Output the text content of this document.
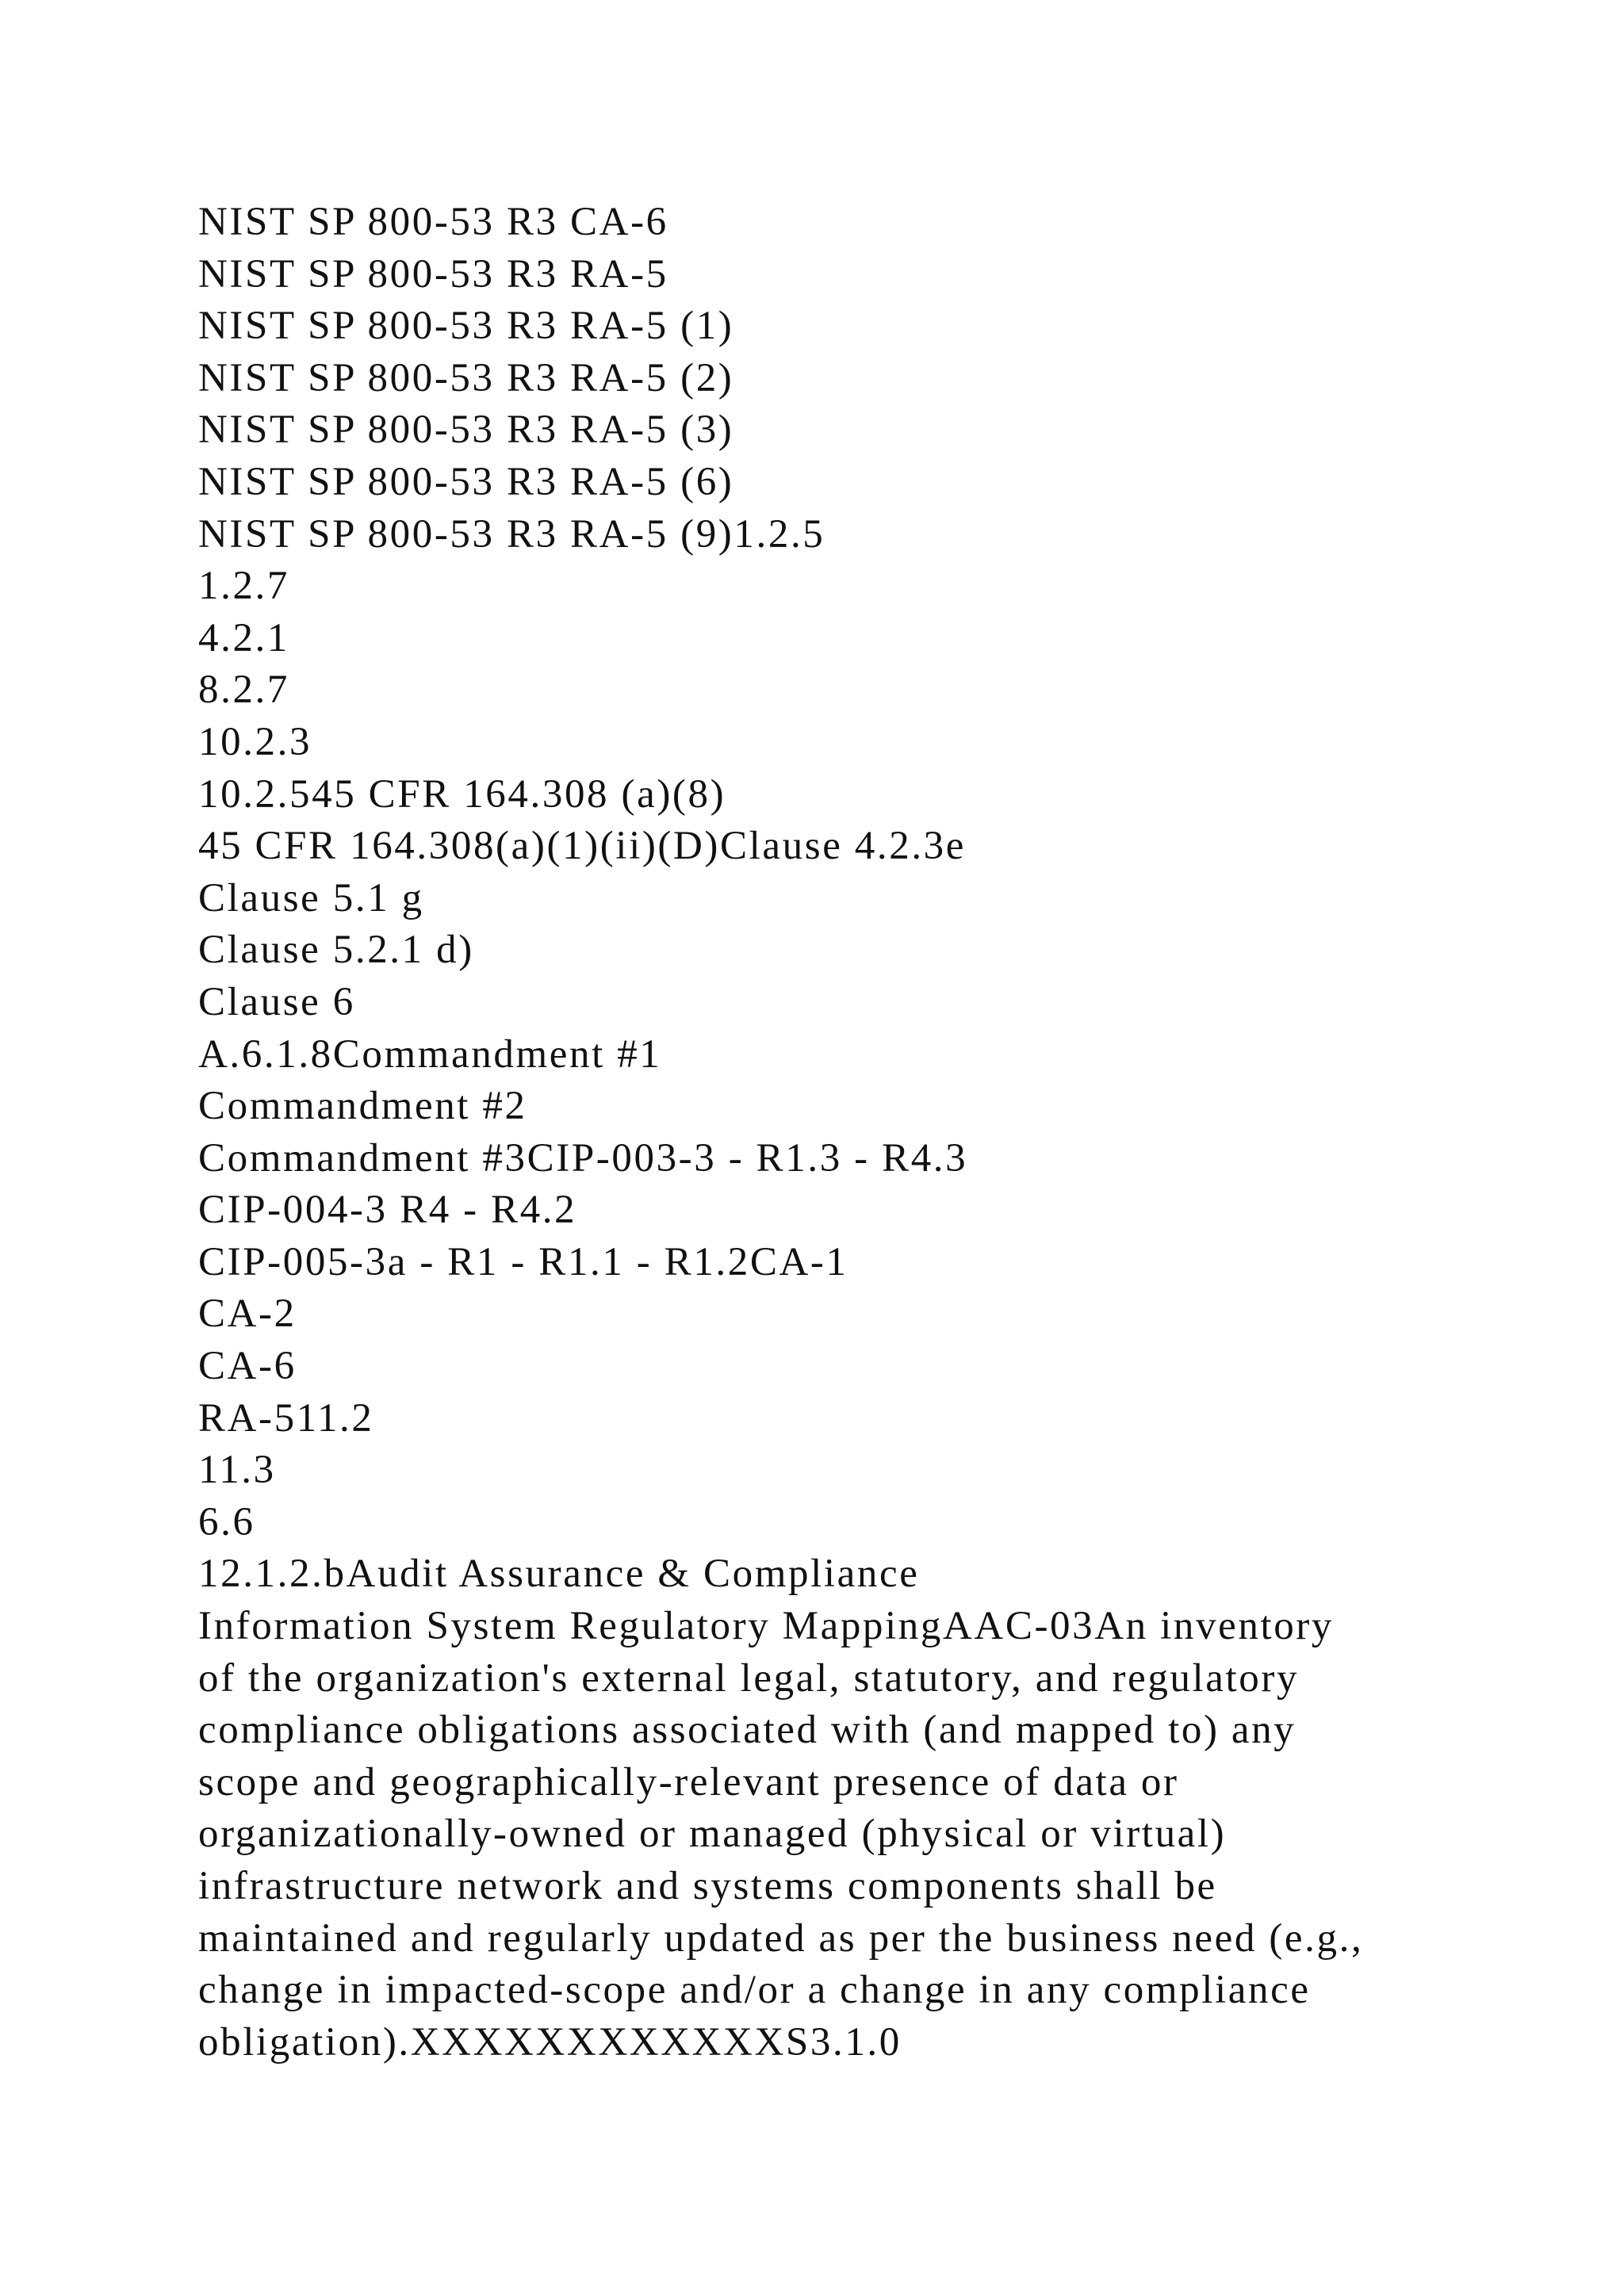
NIST SP 800-53 R3 CA-6
NIST SP 800-53 R3 RA-5
NIST SP 800-53 R3 RA-5 (1)
NIST SP 800-53 R3 RA-5 (2)
NIST SP 800-53 R3 RA-5 (3)
NIST SP 800-53 R3 RA-5 (6)
NIST SP 800-53 R3 RA-5 (9)1.2.5
1.2.7
4.2.1
8.2.7
10.2.3
10.2.545 CFR 164.308 (a)(8)
45 CFR 164.308(a)(1)(ii)(D)Clause 4.2.3e
Clause 5.1 g
Clause 5.2.1 d)
Clause 6
A.6.1.8Commandment #1
Commandment #2
Commandment #3CIP-003-3 - R1.3 - R4.3
CIP-004-3 R4 - R4.2
CIP-005-3a - R1 - R1.1 - R1.2CA-1
CA-2
CA-6
RA-511.2
11.3
6.6
12.1.2.bAudit Assurance & Compliance
Information System Regulatory MappingAAC-03An inventory
of the organization's external legal, statutory, and regulatory
compliance obligations associated with (and mapped to) any
scope and geographically-relevant presence of data or
organizationally-owned or managed (physical or virtual)
infrastructure network and systems components shall be
maintained and regularly updated as per the business need (e.g.,
change in impacted-scope and/or a change in any compliance
obligation).XXXXXXXXXXXXS3.1.0
